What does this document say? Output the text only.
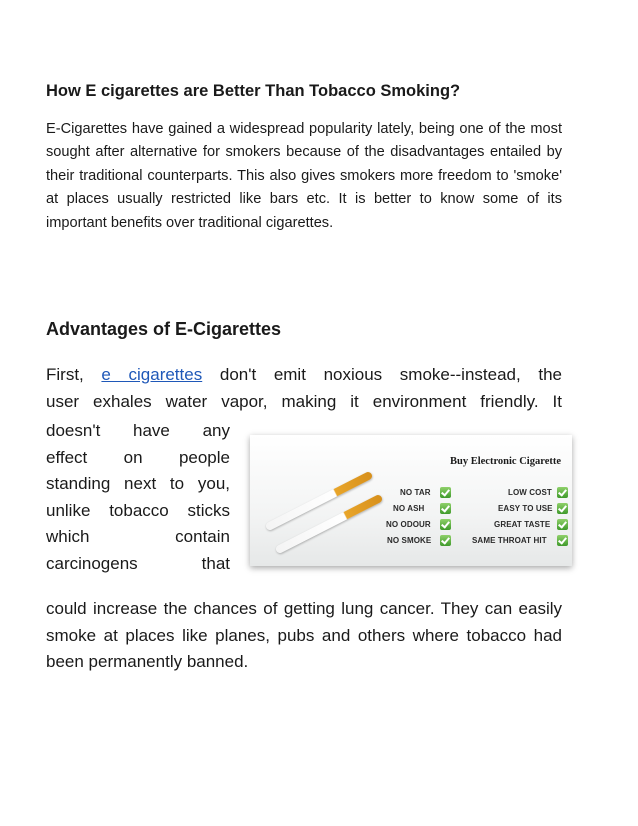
How E cigarettes are Better Than Tobacco Smoking?

E-Cigarettes have gained a widespread popularity lately, being one of the most sought after alternative for smokers because of the disadvantages entailed by their traditional counterparts. This also gives smokers more freedom to 'smoke' at places usually restricted like bars etc. It is better to know some of its important benefits over traditional cigarettes.

Advantages of E-Cigarettes

First, e cigarettes don't emit noxious smoke--instead, the

user exhales water vapor, making it environment friendly. It

doesn't have any
effect on people
standing next to you,
unlike tobacco sticks
which contain
carcinogens that

could increase the chances of getting lung cancer. They can easily smoke at places like planes, pubs and others where tobacco had been permanently banned.

Buy Electronic Cigarette
NO TAR
NO ASH
NO ODOUR
NO SMOKE
LOW COST
EASY TO USE
GREAT TASTE
SAME THROAT HIT
